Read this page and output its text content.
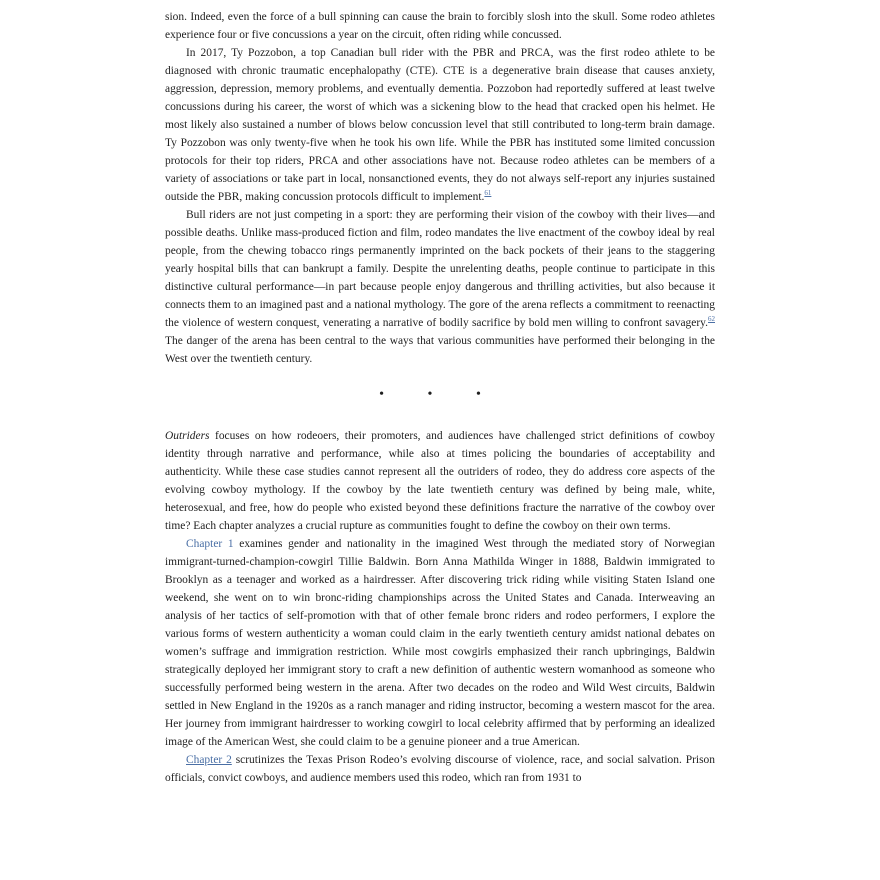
sion. Indeed, even the force of a bull spinning can cause the brain to forcibly slosh into the skull. Some rodeo athletes experience four or five concussions a year on the circuit, often riding while concussed.

In 2017, Ty Pozzobon, a top Canadian bull rider with the PBR and PRCA, was the first rodeo athlete to be diagnosed with chronic traumatic encephalopathy (CTE). CTE is a degenerative brain disease that causes anxiety, aggression, depression, memory problems, and eventually dementia. Pozzobon had reportedly suffered at least twelve concussions during his career, the worst of which was a sickening blow to the head that cracked open his helmet. He most likely also sustained a number of blows below concussion level that still contributed to long-term brain damage. Ty Pozzobon was only twenty-five when he took his own life. While the PBR has instituted some limited concussion protocols for their top riders, PRCA and other associations have not. Because rodeo athletes can be members of a variety of associations or take part in local, nonsanctioned events, they do not always self-report any injuries sustained outside the PBR, making concussion protocols difficult to implement.$^{61}$

Bull riders are not just competing in a sport: they are performing their vision of the cowboy with their lives—and possible deaths. Unlike mass-produced fiction and film, rodeo mandates the live enactment of the cowboy ideal by real people, from the chewing tobacco rings permanently imprinted on the back pockets of their jeans to the staggering yearly hospital bills that can bankrupt a family. Despite the unrelenting deaths, people continue to participate in this distinctive cultural performance—in part because people enjoy dangerous and thrilling activities, but also because it connects them to an imagined past and a national mythology. The gore of the arena reflects a commitment to reenacting the violence of western conquest, venerating a narrative of bodily sacrifice by bold men willing to confront savagery.$^{62}$ The danger of the arena has been central to the ways that various communities have performed their belonging in the West over the twentieth century.

• • •

Outriders focuses on how rodeoers, their promoters, and audiences have challenged strict definitions of cowboy identity through narrative and performance, while also at times policing the boundaries of acceptability and authenticity. While these case studies cannot represent all the outriders of rodeo, they do address core aspects of the evolving cowboy mythology. If the cowboy by the late twentieth century was defined by being male, white, heterosexual, and free, how do people who existed beyond these definitions fracture the narrative of the cowboy over time? Each chapter analyzes a crucial rupture as communities fought to define the cowboy on their own terms.

Chapter 1 examines gender and nationality in the imagined West through the mediated story of Norwegian immigrant-turned-champion-cowgirl Tillie Baldwin. Born Anna Mathilda Winger in 1888, Baldwin immigrated to Brooklyn as a teenager and worked as a hairdresser. After discovering trick riding while visiting Staten Island one weekend, she went on to win bronc-riding championships across the United States and Canada. Interweaving an analysis of her tactics of self-promotion with that of other female bronc riders and rodeo performers, I explore the various forms of western authenticity a woman could claim in the early twentieth century amidst national debates on women’s suffrage and immigration restriction. While most cowgirls emphasized their ranch upbringings, Baldwin strategically deployed her immigrant story to craft a new definition of authentic western womanhood as someone who successfully performed being western in the arena. After two decades on the rodeo and Wild West circuits, Baldwin settled in New England in the 1920s as a ranch manager and riding instructor, becoming a western mascot for the area. Her journey from immigrant hairdresser to working cowgirl to local celebrity affirmed that by performing an idealized image of the American West, she could claim to be a genuine pioneer and a true American.

Chapter 2 scrutinizes the Texas Prison Rodeo’s evolving discourse of violence, race, and social salvation. Prison officials, convict cowboys, and audience members used this rodeo, which ran from 1931 to
